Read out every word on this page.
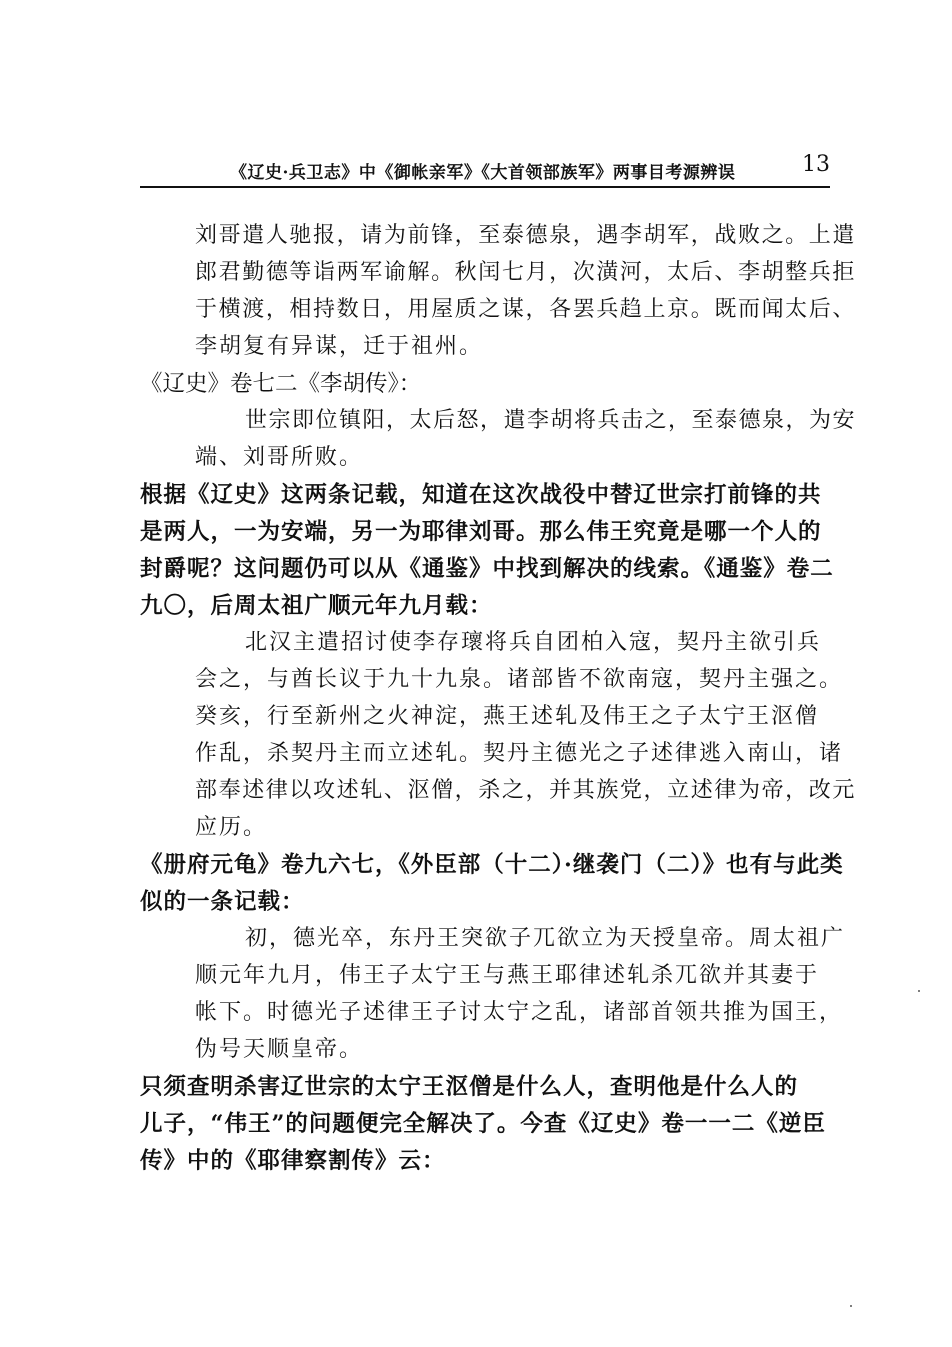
《辽史·兵卫志》中《御帐亲军》《大首领部族军》两事目考源辨误	13
刘哥遣人驰报，请为前锋，至泰德泉，遇李胡军，战败之。上遣
郎君勤德等诣两军谕解。秋闰七月，次潢河，太后、李胡整兵拒
于横渡，相持数日，用屋质之谋，各罢兵趋上京。既而闻太后、
李胡复有异谋，迁于祖州。
《辽史》卷七二《李胡传》：
世宗即位镇阳，太后怒，遣李胡将兵击之，至泰德泉，为安
端、刘哥所败。
根据《辽史》这两条记载，知道在这次战役中替辽世宗打前锋的共
是两人，一为安端，另一为耶律刘哥。那么伟王究竟是哪一个人的
封爵呢？这问题仍可以从《通鉴》中找到解决的线索。《通鉴》卷二
九〇，后周太祖广顺元年九月载：
北汉主遣招讨使李存瓌将兵自团柏入寇，契丹主欲引兵
会之，与酋长议于九十九泉。诸部皆不欲南寇，契丹主强之。
癸亥，行至新州之火神淀，燕王述轧及伟王之子太宁王沤僧
作乱，杀契丹主而立述轧。契丹主德光之子述律逃入南山，诸
部奉述律以攻述轧、沤僧，杀之，并其族党，立述律为帝，改元
应历。
《册府元龟》卷九六七，《外臣部（十二）·继袭门（二）》也有与此类
似的一条记载：
初，德光卒，东丹王突欲子兀欲立为天授皇帝。周太祖广
顺元年九月，伟王子太宁王与燕王耶律述轧杀兀欲并其妻于
帐下。时德光子述律王子讨太宁之乱，诸部首领共推为国王，
伪号天顺皇帝。
只须查明杀害辽世宗的太宁王沤僧是什么人，查明他是什么人的
儿子，“伟王”的问题便完全解决了。今查《辽史》卷一一二《逆臣
传》中的《耶律察割传》云：
